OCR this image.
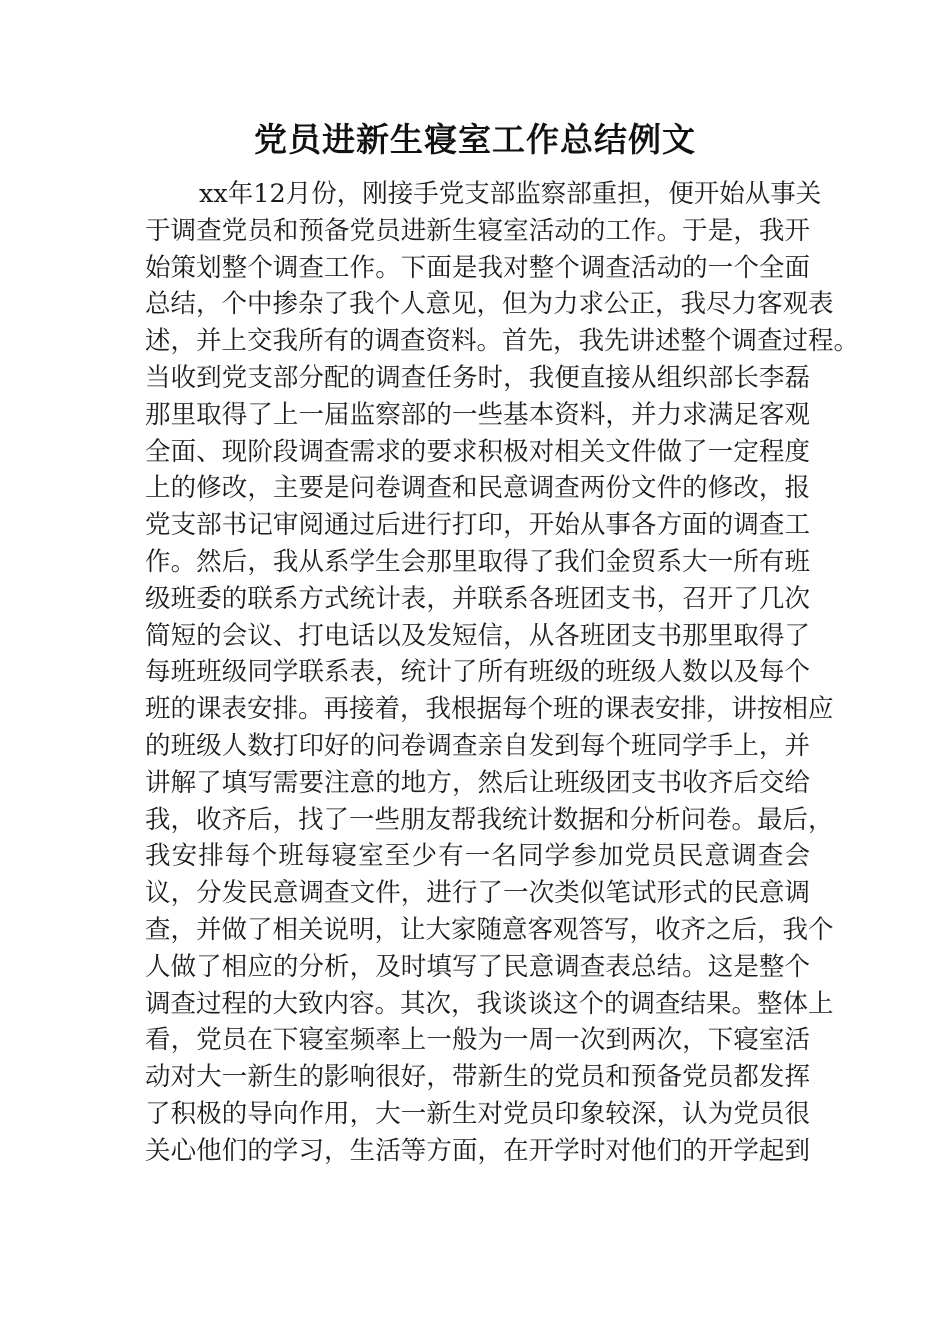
党员进新生寝室工作总结例文
xx年12月份，刚接手党支部监察部重担，便开始从事关
于调查党员和预备党员进新生寝室活动的工作。于是，我开
始策划整个调查工作。下面是我对整个调查活动的一个全面
总结，个中掺杂了我个人意见，但为力求公正，我尽力客观表
述，并上交我所有的调查资料。首先，我先讲述整个调查过程。
当收到党支部分配的调查任务时，我便直接从组织部长李磊
那里取得了上一届监察部的一些基本资料，并力求满足客观
全面、现阶段调查需求的要求积极对相关文件做了一定程度
上的修改，主要是问卷调查和民意调查两份文件的修改，报
党支部书记审阅通过后进行打印，开始从事各方面的调查工
作。然后，我从系学生会那里取得了我们金贸系大一所有班
级班委的联系方式统计表，并联系各班团支书，召开了几次
简短的会议、打电话以及发短信，从各班团支书那里取得了
每班班级同学联系表，统计了所有班级的班级人数以及每个
班的课表安排。再接着，我根据每个班的课表安排，讲按相应
的班级人数打印好的问卷调查亲自发到每个班同学手上，并
讲解了填写需要注意的地方，然后让班级团支书收齐后交给
我，收齐后，找了一些朋友帮我统计数据和分析问卷。最后，
我安排每个班每寝室至少有一名同学参加党员民意调查会
议，分发民意调查文件，进行了一次类似笔试形式的民意调
查，并做了相关说明，让大家随意客观答写，收齐之后，我个
人做了相应的分析，及时填写了民意调查表总结。这是整个
调查过程的大致内容。其次，我谈谈这个的调查结果。整体上
看，党员在下寝室频率上一般为一周一次到两次，下寝室活
动对大一新生的影响很好，带新生的党员和预备党员都发挥
了积极的导向作用，大一新生对党员印象较深，认为党员很
关心他们的学习，生活等方面，在开学时对他们的开学起到
